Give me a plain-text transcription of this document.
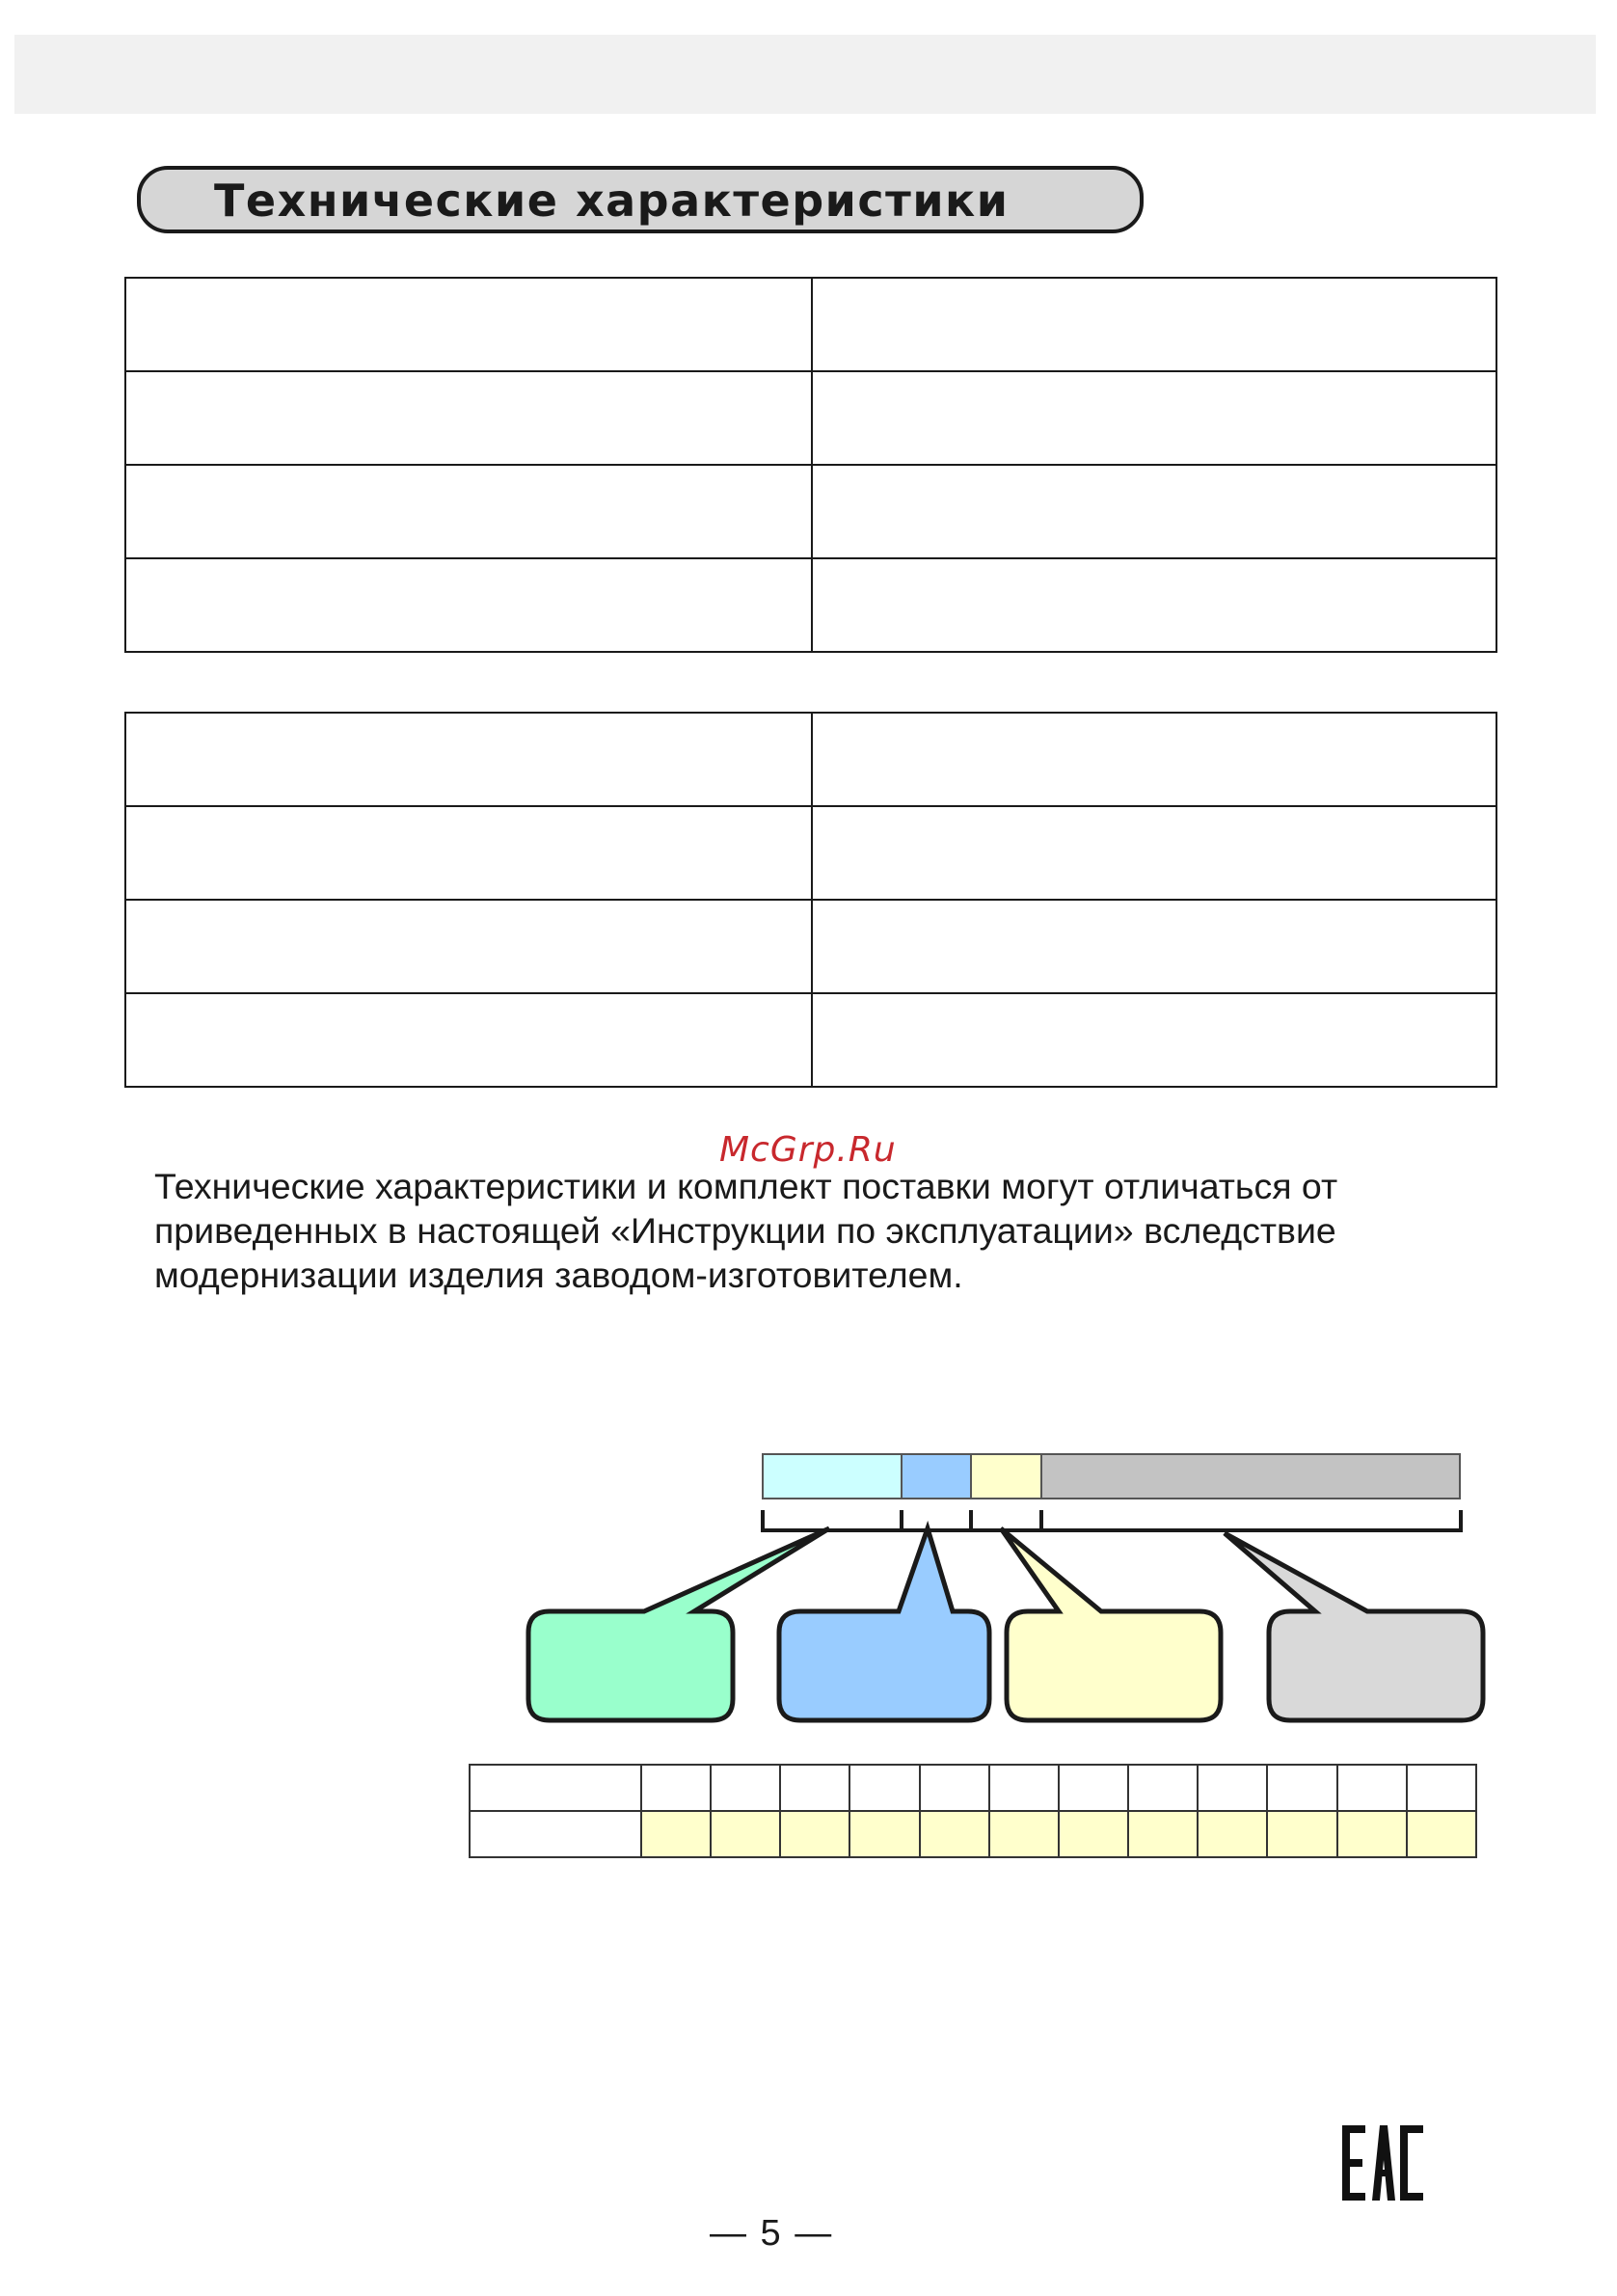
Технические характеристики

McGrp.Ru

Технические характеристики и комплект поставки могут отличаться от приведенных в настоящей «Инструкции по эксплуатации» вследствие модернизации изделия заводом-изготовителем.

— 5 —
